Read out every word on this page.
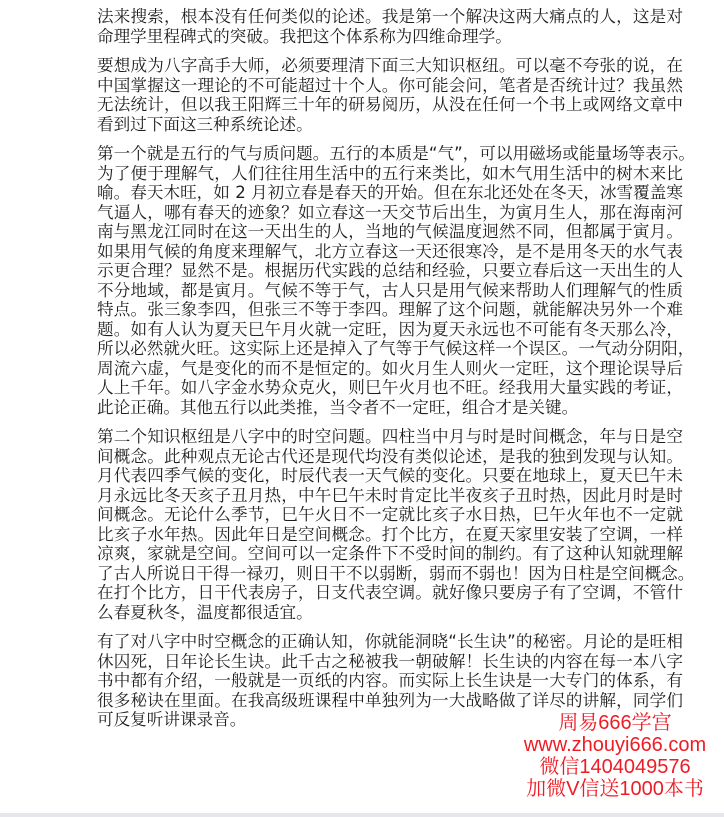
法来搜索，根本没有任何类似的论述。我是第一个解决这两大痛点的人，这是对
命理学里程碑式的突破。我把这个体系称为四维命理学。
要想成为八字高手大师，必须要理清下面三大知识枢纽。可以毫不夸张的说，在
中国掌握这一理论的不可能超过十个人。你可能会问，笔者是否统计过？我虽然
无法统计，但以我王阳辉三十年的研易阅历，从没在任何一个书上或网络文章中
看到过下面这三种系统论述。
第一个就是五行的气与质问题。五行的本质是“气”，可以用磁场或能量场等表示。
为了便于理解气，人们往往用生活中的五行来类比，如木气用生活中的树木来比
喻。春天木旺，如 2 月初立春是春天的开始。但在东北还处在冬天，冰雪覆盖寒
气逼人，哪有春天的迹象？如立春这一天交节后出生，为寅月生人，那在海南河
南与黑龙江同时在这一天出生的人，当地的气候温度迥然不同，但都属于寅月。
如果用气候的角度来理解气，北方立春这一天还很寒冷，是不是用冬天的水气表
示更合理？显然不是。根据历代实践的总结和经验，只要立春后这一天出生的人
不分地域，都是寅月。气候不等于气，古人只是用气候来帮助人们理解气的性质
特点。张三象李四，但张三不等于李四。理解了这个问题，就能解决另外一个难
题。如有人认为夏天巳午月火就一定旺，因为夏天永远也不可能有冬天那么冷，
所以必然就火旺。这实际上还是掉入了气等于气候这样一个误区。一气动分阴阳，
周流六虚，气是变化的而不是恒定的。如火月生人则火一定旺，这个理论误导后
人上千年。如八字金水势众克火，则巳午火月也不旺。经我用大量实践的考证，
此论正确。其他五行以此类推，当令者不一定旺，组合才是关键。
第二个知识枢纽是八字中的时空问题。四柱当中月与时是时间概念，年与日是空
间概念。此种观点无论古代还是现代均没有类似论述，是我的独到发现与认知。
月代表四季气候的变化，时辰代表一天气候的变化。只要在地球上，夏天巳午未
月永远比冬天亥子丑月热，中午巳午未时肯定比半夜亥子丑时热，因此月时是时
间概念。无论什么季节，巳午火日不一定就比亥子水日热，巳午火年也不一定就
比亥子水年热。因此年日是空间概念。打个比方，在夏天家里安装了空调，一样
凉爽，家就是空间。空间可以一定条件下不受时间的制约。有了这种认知就理解
了古人所说日干得一禄刃，则日干不以弱断，弱而不弱也！因为日柱是空间概念。
在打个比方，日干代表房子，日支代表空调。就好像只要房子有了空调，不管什
么春夏秋冬，温度都很适宜。
有了对八字中时空概念的正确认知，你就能洞晓“长生诀”的秘密。月论的是旺相
休囚死，日年论长生诀。此千古之秘被我一朝破解！长生诀的内容在每一本八字
书中都有介绍，一般就是一页纸的内容。而实际上长生诀是一大专门的体系，有
很多秘诀在里面。在我高级班课程中单独列为一大战略做了详尽的讲解，同学们
可反复听讲课录音。	周易666学宫
www.zhouyi666.com
微信1404049576
加微V信送1000本书
